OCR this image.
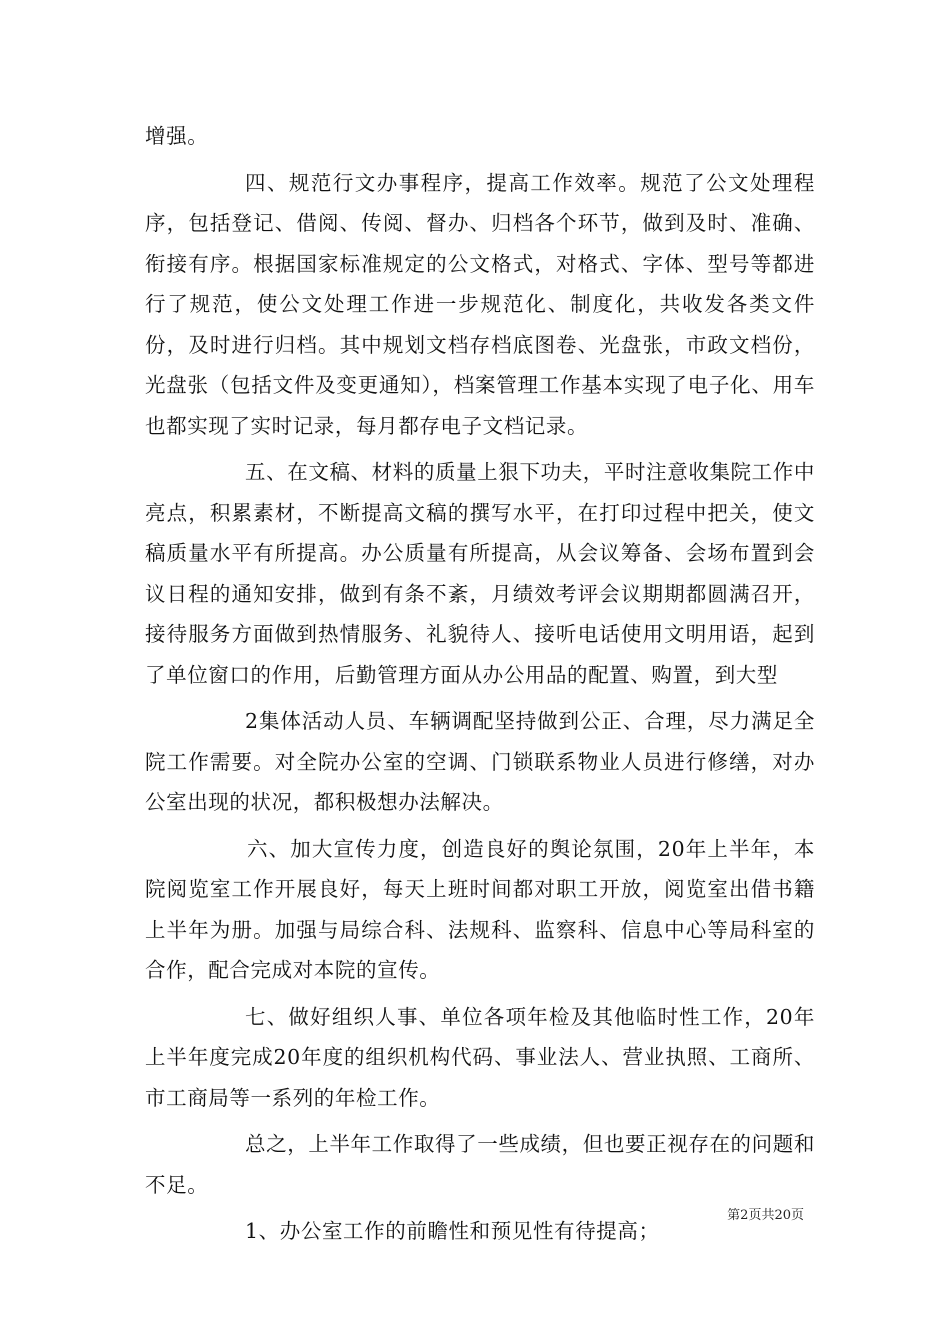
增强。

四、规范行文办事程序，提高工作效率。规范了公文处理程序，包括登记、借阅、传阅、督办、归档各个环节，做到及时、准确、衔接有序。根据国家标准规定的公文格式，对格式、字体、型号等都进行了规范，使公文处理工作进一步规范化、制度化，共收发各类文件份，及时进行归档。其中规划文档存档底图卷、光盘张，市政文档份，光盘张（包括文件及变更通知），档案管理工作基本实现了电子化、用车也都实现了实时记录，每月都存电子文档记录。

五、在文稿、材料的质量上狠下功夫，平时注意收集院工作中亮点，积累素材，不断提高文稿的撰写水平，在打印过程中把关，使文稿质量水平有所提高。办公质量有所提高，从会议筹备、会场布置到会议日程的通知安排，做到有条不紊，月绩效考评会议期期都圆满召开，接待服务方面做到热情服务、礼貌待人、接听电话使用文明用语，起到了单位窗口的作用，后勤管理方面从办公用品的配置、购置，到大型

2集体活动人员、车辆调配坚持做到公正、合理，尽力满足全院工作需要。对全院办公室的空调、门锁联系物业人员进行修缮，对办公室出现的状况，都积极想办法解决。

六、加大宣传力度，创造良好的舆论氛围，20年上半年，本院阅览室工作开展良好，每天上班时间都对职工开放，阅览室出借书籍上半年为册。加强与局综合科、法规科、监察科、信息中心等局科室的合作，配合完成对本院的宣传。

七、做好组织人事、单位各项年检及其他临时性工作，20年上半年度完成20年度的组织机构代码、事业法人、营业执照、工商所、市工商局等一系列的年检工作。

总之，上半年工作取得了一些成绩，但也要正视存在的问题和不足。

1、办公室工作的前瞻性和预见性有待提高；

第2页共20页
